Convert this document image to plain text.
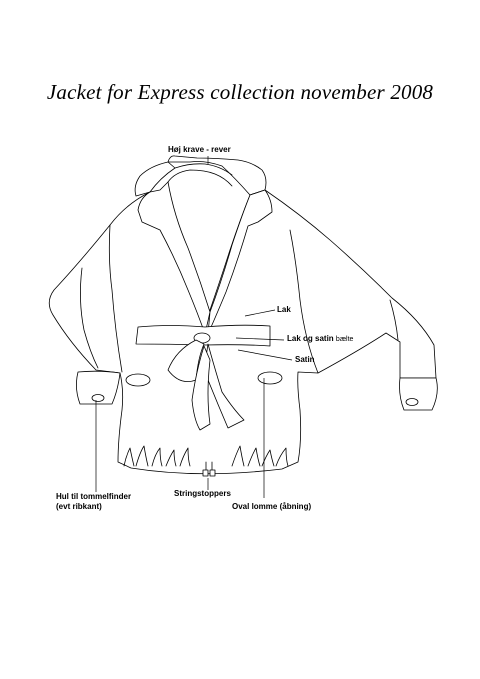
Jacket for Express collection november 2008
Høj krave - rever
Lak
Lak og satin bælte
Satin
Hul til tommelfinder
(evt ribkant)
Stringstoppers
Oval lomme (åbning)
